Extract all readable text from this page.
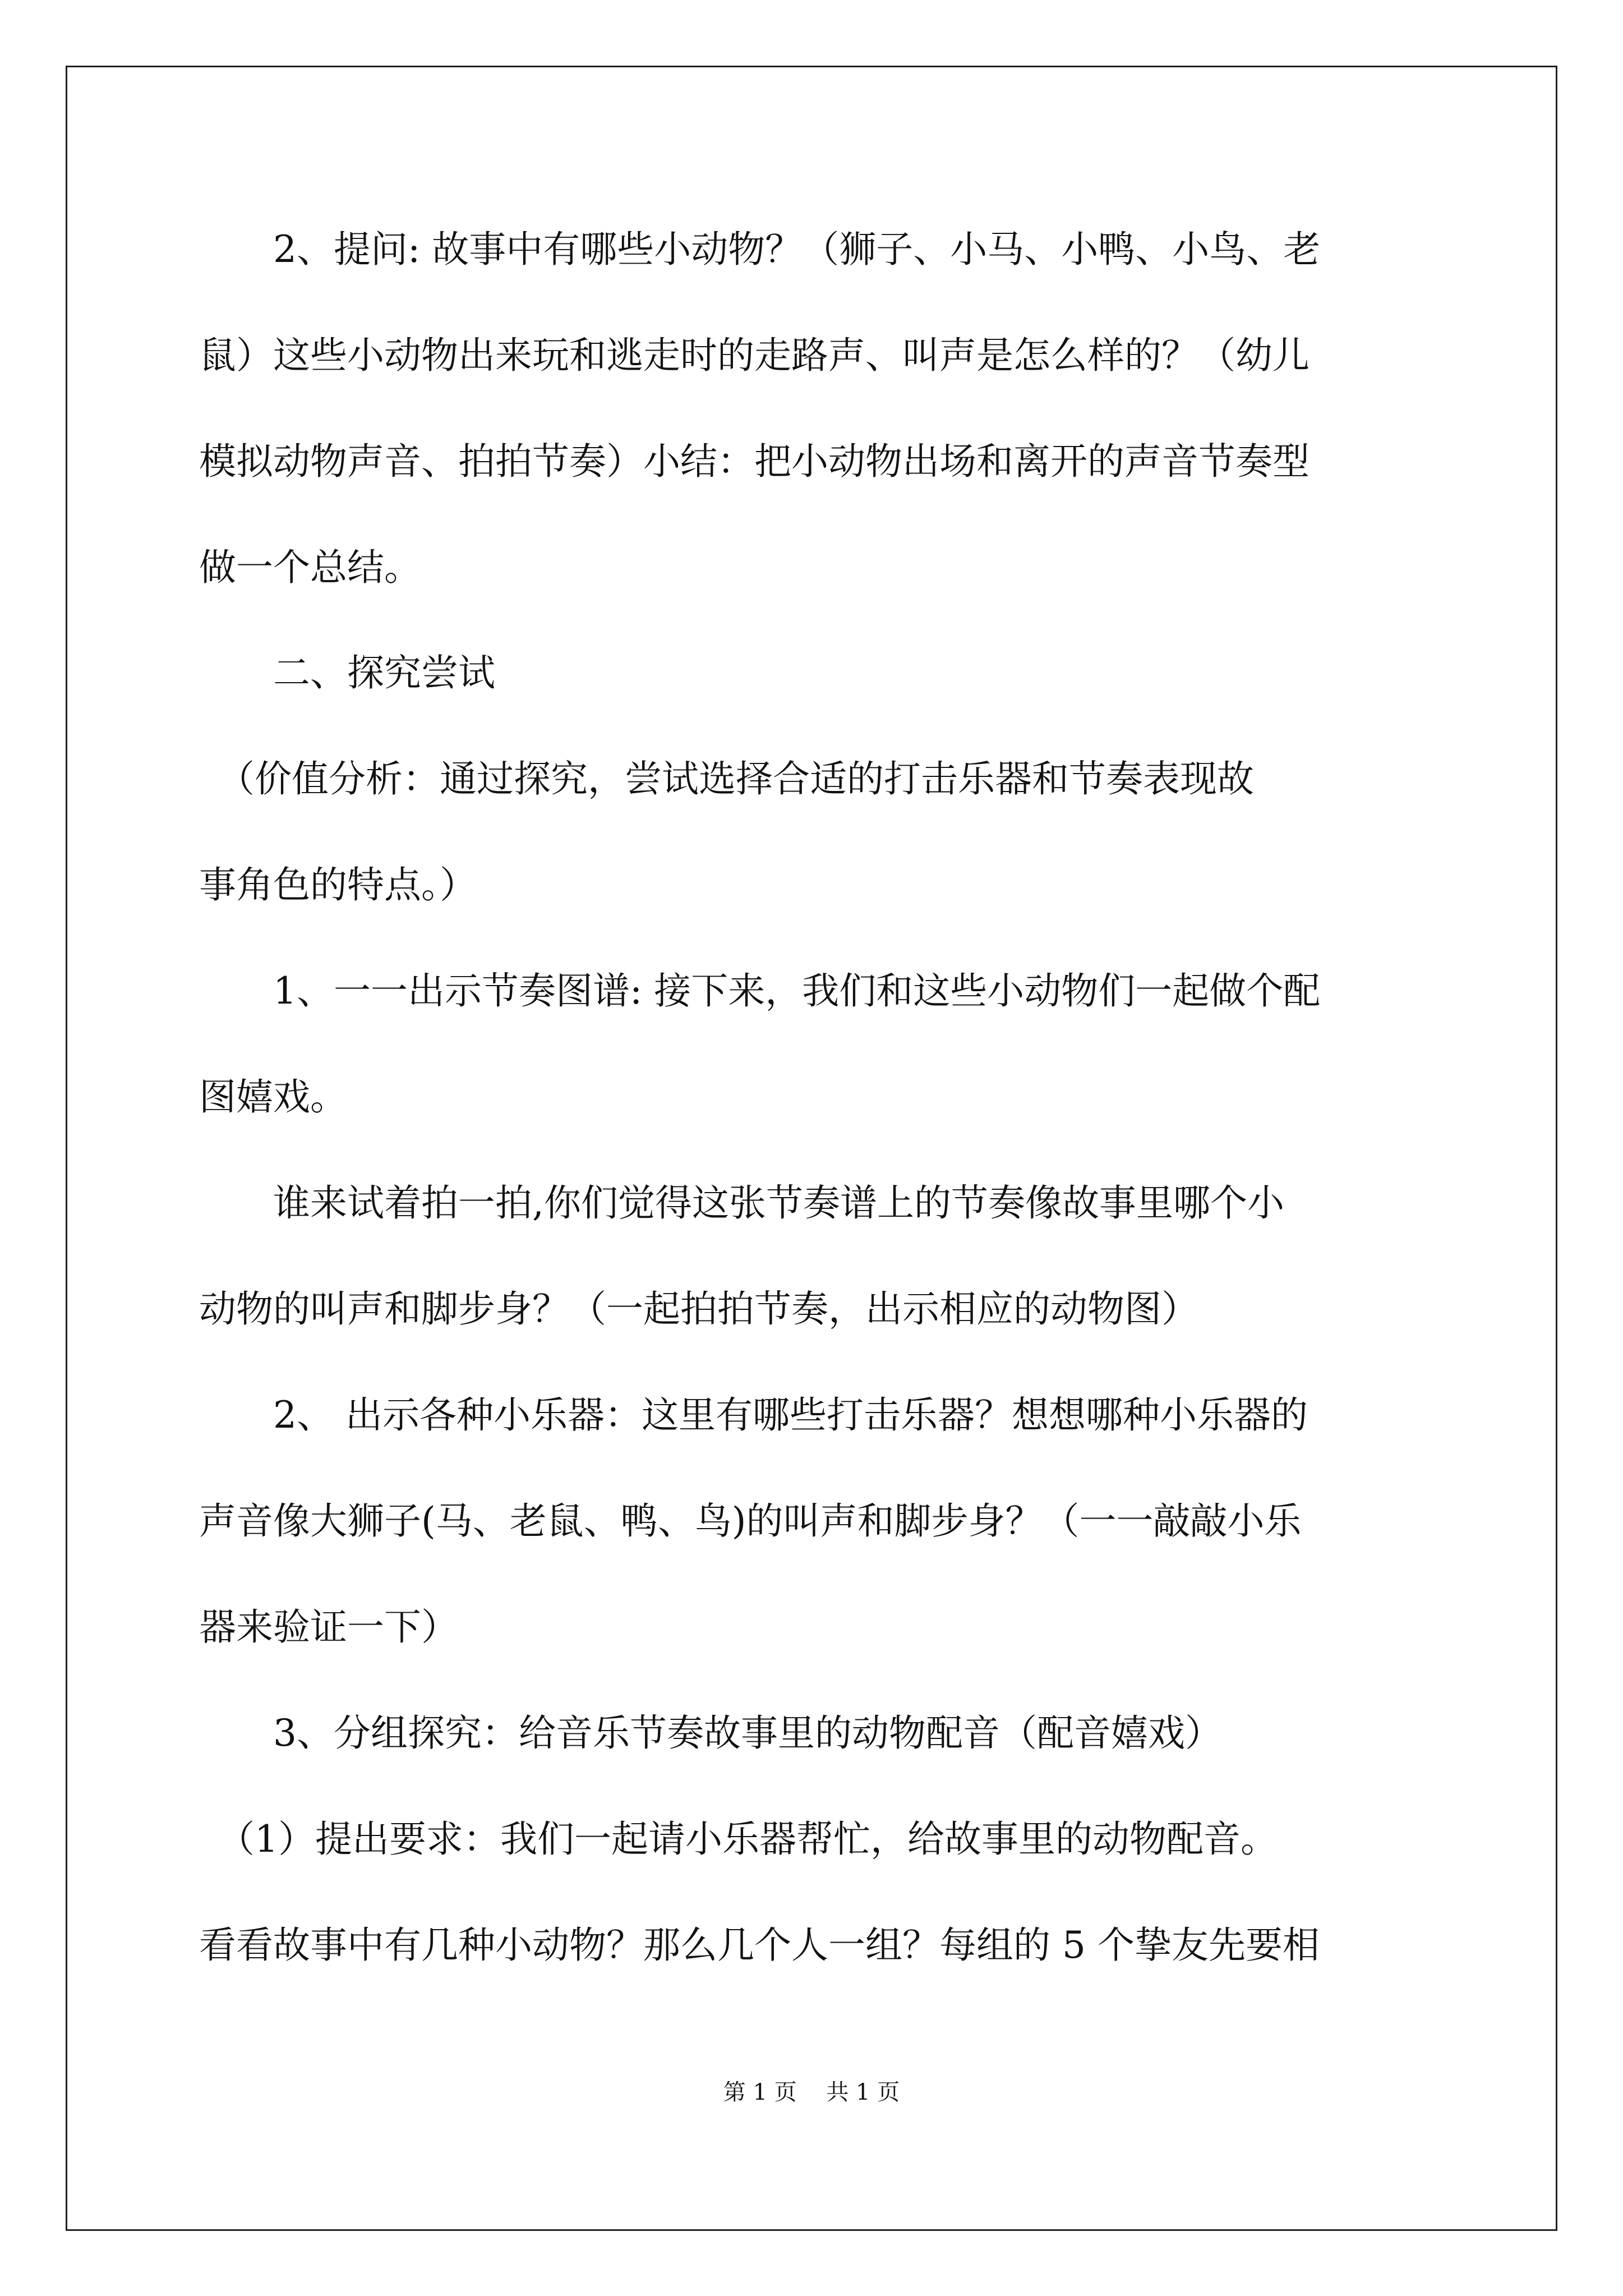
　　2、提问: 故事中有哪些小动物？（狮子、小马、小鸭、小鸟、老
鼠）这些小动物出来玩和逃走时的走路声、叫声是怎么样的？（幼儿
模拟动物声音、拍拍节奏）小结：把小动物出场和离开的声音节奏型
做一个总结。
　　二、探究尝试
　（价值分析：通过探究，尝试选择合适的打击乐器和节奏表现故
事角色的特点。）
　　1、一一出示节奏图谱: 接下来，我们和这些小动物们一起做个配
图嬉戏。
　　谁来试着拍一拍,你们觉得这张节奏谱上的节奏像故事里哪个小
动物的叫声和脚步身？（一起拍拍节奏，出示相应的动物图）
　　2、 出示各种小乐器：这里有哪些打击乐器？想想哪种小乐器的
声音像大狮子(马、老鼠、鸭、鸟)的叫声和脚步身？（一一敲敲小乐
器来验证一下）
　　3、分组探究：给音乐节奏故事里的动物配音（配音嬉戏）
　（1）提出要求：我们一起请小乐器帮忙，给故事里的动物配音。
看看故事中有几种小动物？那么几个人一组？每组的 5 个挚友先要相
第 1 页　 共 1 页
